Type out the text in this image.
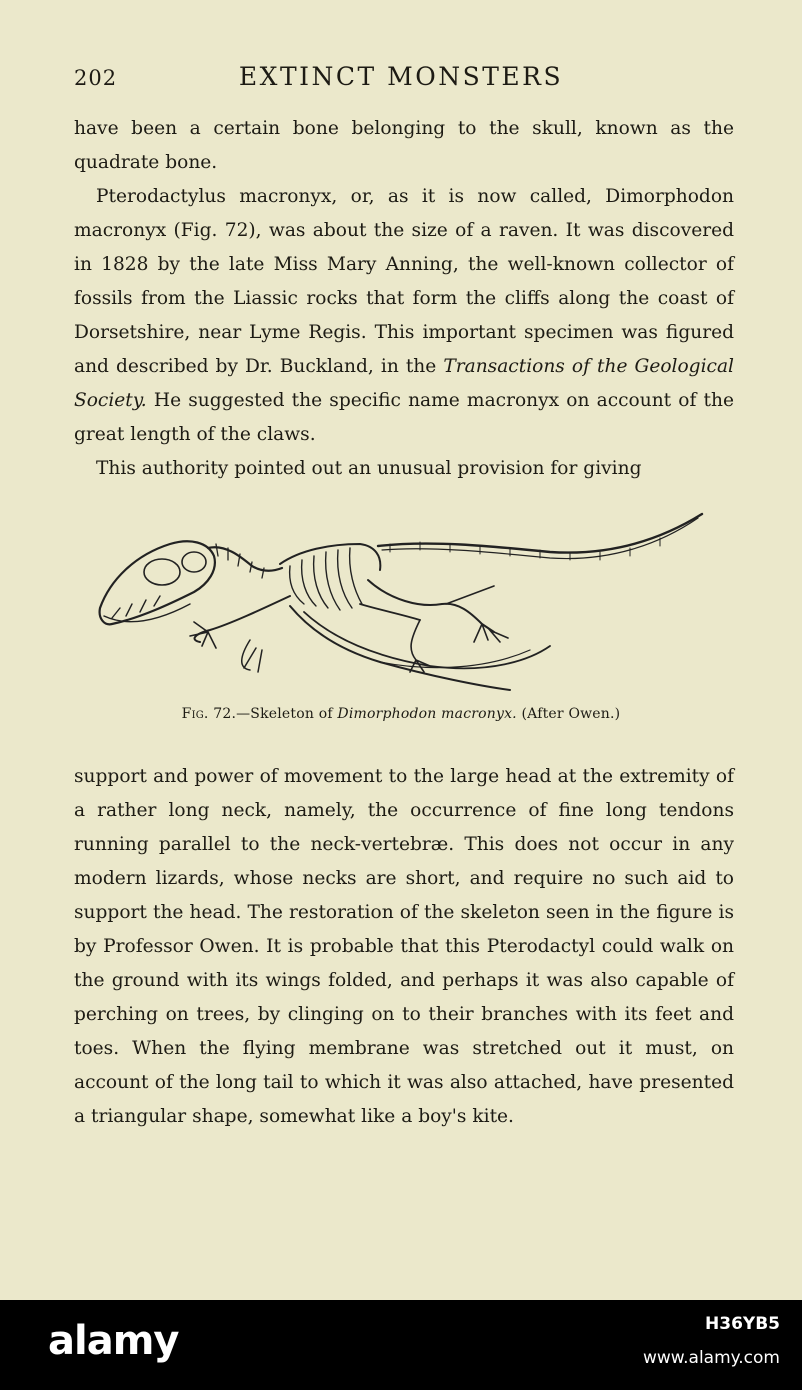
202	EXTINCT MONSTERS

have been a certain bone belonging to the skull, known as the quadrate bone.

Pterodactylus macronyx, or, as it is now called, Dimorphodon macronyx (Fig. 72), was about the size of a raven. It was discovered in 1828 by the late Miss Mary Anning, the well-known collector of fossils from the Liassic rocks that form the cliffs along the coast of Dorsetshire, near Lyme Regis. This important specimen was figured and described by Dr. Buckland, in the Transactions of the Geological Society. He suggested the specific name macronyx on account of the great length of the claws.

This authority pointed out an unusual provision for giving

Fig. 72.—Skeleton of Dimorphodon macronyx. (After Owen.)

support and power of movement to the large head at the extremity of a rather long neck, namely, the occurrence of fine long tendons running parallel to the neck-vertebræ. This does not occur in any modern lizards, whose necks are short, and require no such aid to support the head. The restoration of the skeleton seen in the figure is by Professor Owen. It is probable that this Pterodactyl could walk on the ground with its wings folded, and perhaps it was also capable of perching on trees, by clinging on to their branches with its feet and toes. When the flying membrane was stretched out it must, on account of the long tail to which it was also attached, have presented a triangular shape, somewhat like a boy's kite.

alamy	H36YB5
www.alamy.com
